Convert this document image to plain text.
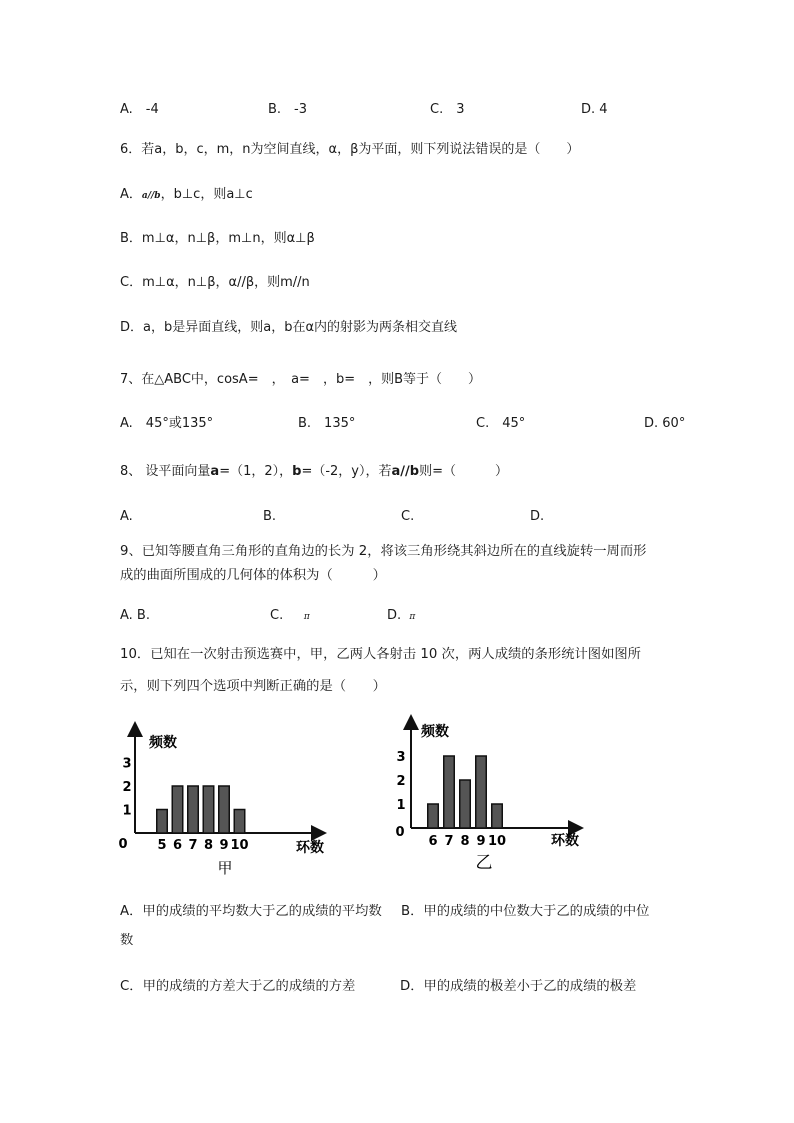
A.　-4	B.　-3	C.　3	D. 4
6．若a，b，c，m，n为空间直线，α，β为平面，则下列说法错误的是（　　）
A．a//b，b⊥c，则a⊥c
B．m⊥α，n⊥β，m⊥n，则α⊥β
C．m⊥α，n⊥β，α//β，则m//n
D．a，b是异面直线，则a，b在α内的射影为两条相交直线
7、在△ABC中，cosA=　，　a=　，b=　，则B等于（　　）
A.　45°或135°	B.　135°	C.　45°	D. 60°
8、 设平面向量a=（1，2），b=（-2，y），若a∕∕b则=（　　　）
A.	B.	C.	D.
9、已知等腰直角三角形的直角边的长为 2，将该三角形绕其斜边所在的直线旋转一周而形
成的曲面所围成的几何体的体积为（　　　）
A. B.	C. π	D. π
10．已知在一次射击预选赛中，甲，乙两人各射击 10 次，两人成绩的条形统计图如图所
示，则下列四个选项中判断正确的是（　　）
频数
0
1
2
3
5 6 7 8 9 10	环数
甲
频数
0
1
2
3
6 7 8 9 10	环数
乙
A．甲的成绩的平均数大于乙的成绩的平均数 B．甲的成绩的中位数大于乙的成绩的中位
数
C．甲的成绩的方差大于乙的成绩的方差	D．甲的成绩的极差小于乙的成绩的极差
